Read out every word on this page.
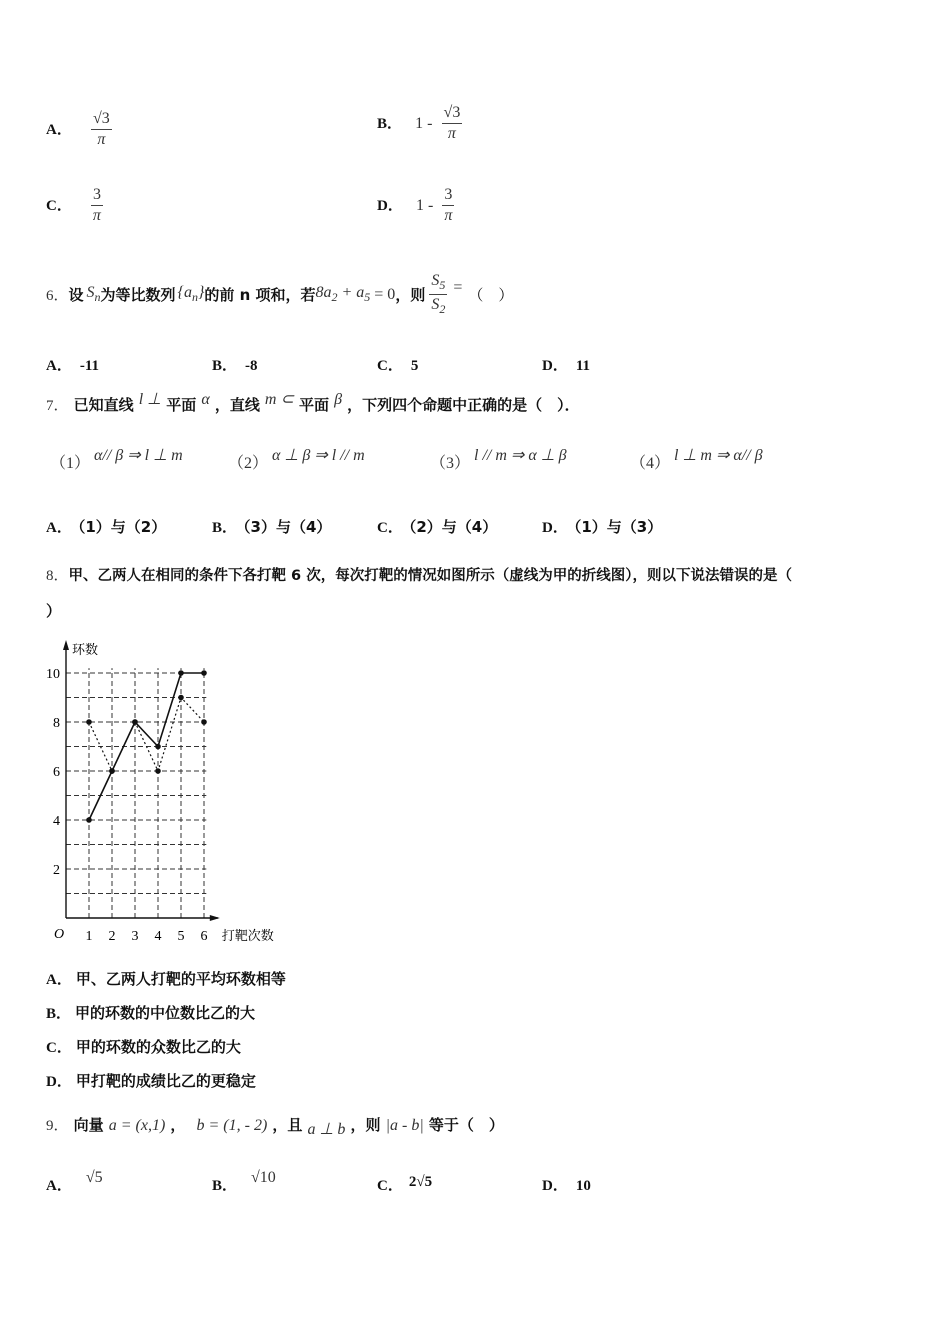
A． $\frac{√3}{\pi}$	B． $1 - \frac{√3}{\pi}$
C． $\frac{3}{\pi}$	D． $1 - \frac{3}{\pi}$
6． 设 $S_n$ 为等比数列 $\{a_n\}$ 的前 n 项和，若 $8a_2 + a_5 = 0$ ，则 $\frac{S_5}{S_2}$ = （　）
A． -11	B． -8	C． 5	D． 11
7． 已知直线 l ⊥ 平面 α ，直线 m ⊂ 平面 β ，下列四个命题中正确的是（　）．
（1） α// β ⇒ l ⊥ m	（2） α ⊥ β ⇒ l // m	（3） l // m ⇒ α ⊥ β	（4） l ⊥ m ⇒ α// β
A． （1）与（2）	B． （3）与（4）	C． （2）与（4）	D． （1）与（3）
8．甲、乙两人在相同的条件下各打靶 6 次，每次打靶的情况如图所示（虚线为甲的折线图），则以下说法错误的是（
）
1 2 3 4 5 6
2
4
6
8
10
环数
打靶次数
O
A． 甲、乙两人打靶的平均环数相等
B． 甲的环数的中位数比乙的大
C． 甲的环数的众数比乙的大
D． 甲打靶的成绩比乙的更稳定
9． 向量 a = (x,1) ， b = (1, - 2) ，且 a ⊥ b ，则 |a - b| 等于（　）
A． √5	B． √10	C． 2√5	D． 10
